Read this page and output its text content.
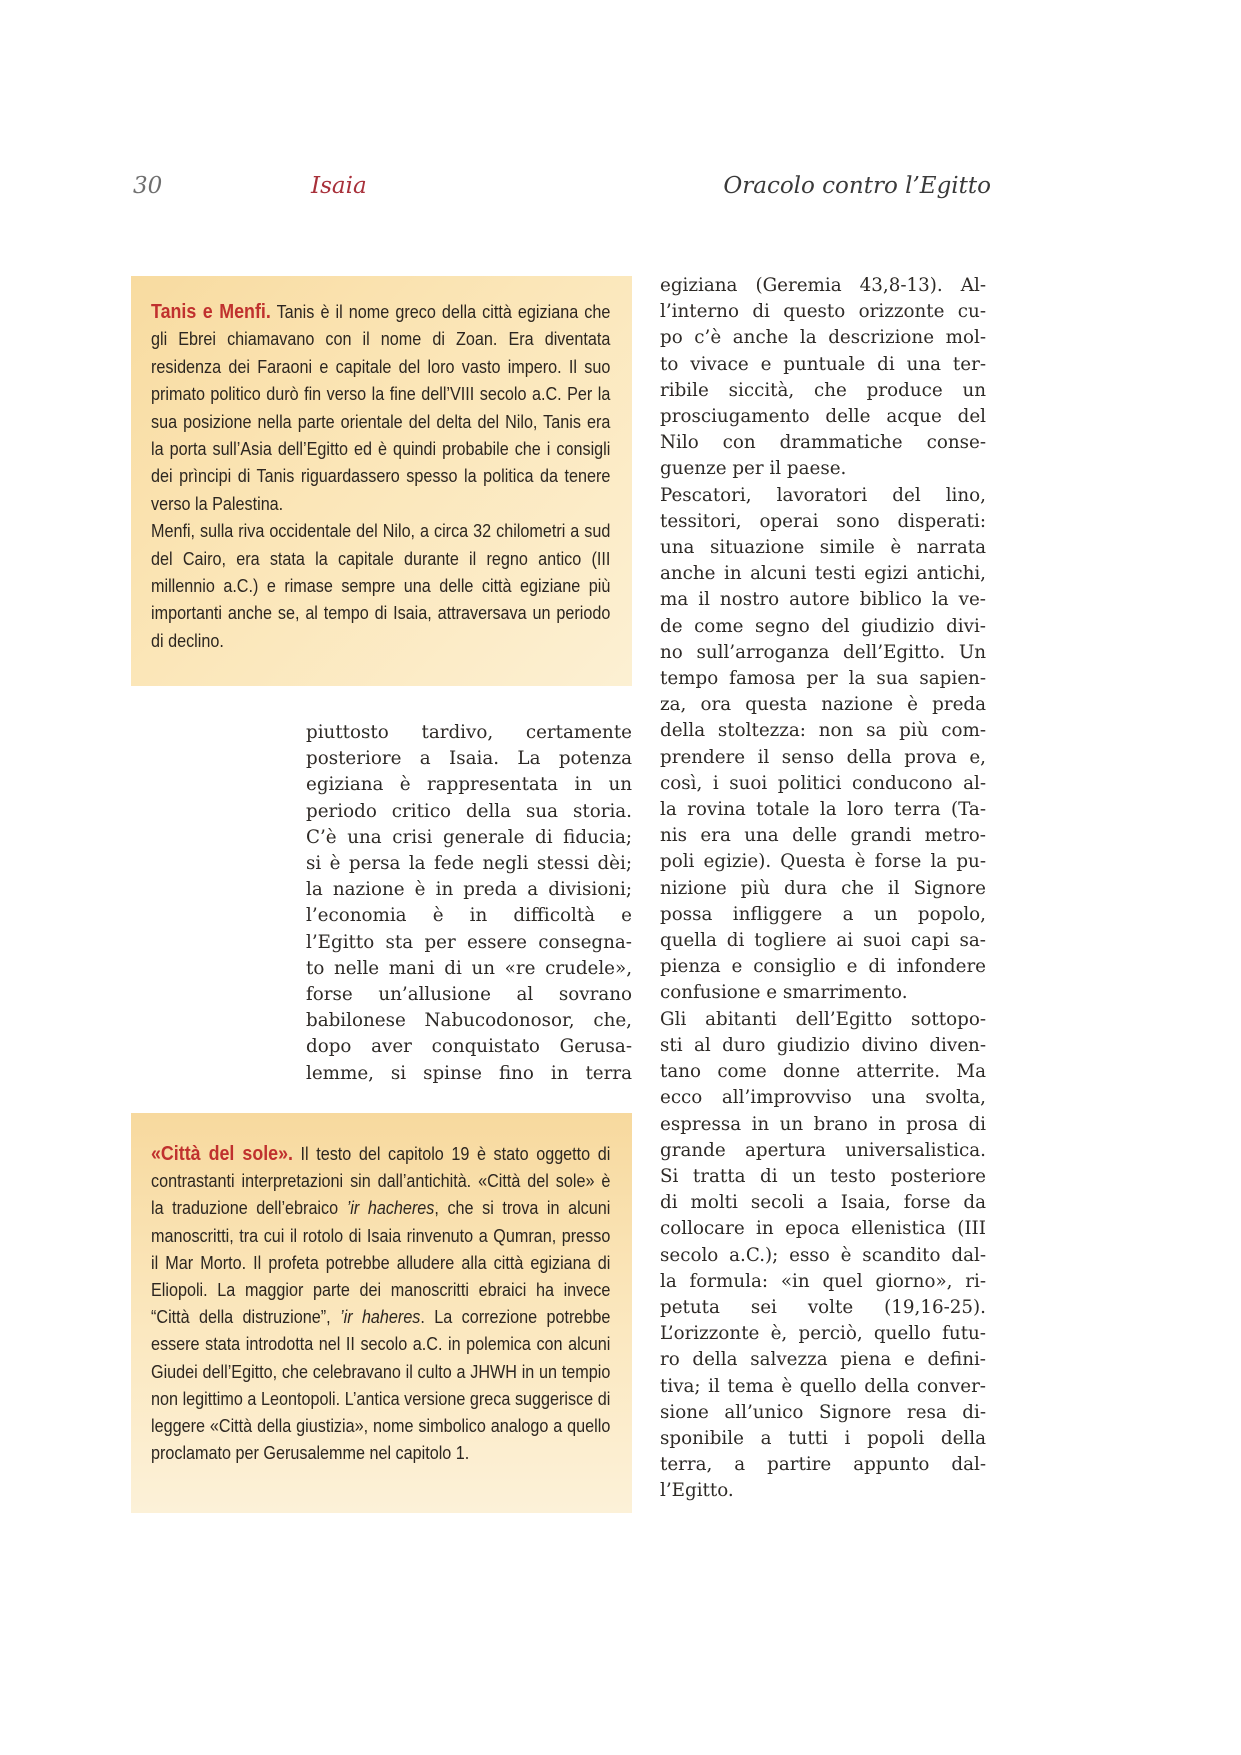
30	Isaia	Oracolo contro l’Egitto

Tanis e Menfi. Tanis è il nome greco della città egiziana che gli Ebrei chiamavano con il nome di Zoan. Era diventata residenza dei Faraoni e capitale del loro vasto impero. Il suo primato politico durò fin verso la fine dell’VIII secolo a.C. Per la sua posizione nella parte orientale del delta del Nilo, Tanis era la porta sull’Asia dell’Egitto ed è quindi probabile che i consigli dei prìncipi di Tanis riguardassero spesso la politica da tenere verso la Palestina.

Menfi, sulla riva occidentale del Nilo, a circa 32 chilometri a sud del Cairo, era stata la capitale durante il regno antico (III millennio a.C.) e rimase sempre una delle città egiziane più importanti anche se, al tempo di Isaia, attraversava un periodo di declino.

piuttosto tardivo, certamente
posteriore a Isaia. La potenza
egiziana è rappresentata in un
periodo critico della sua storia.
C’è una crisi generale di fiducia;
si è persa la fede negli stessi dèi;
la nazione è in preda a divisioni;
l’economia è in difficoltà e
l’Egitto sta per essere consegna-
to nelle mani di un «re crudele»,
forse un’allusione al sovrano
babilonese Nabucodonosor, che,
dopo aver conquistato Gerusa-
lemme, si spinse fino in terra

egiziana (Geremia 43,8-13). Al-
l’interno di questo orizzonte cu-
po c’è anche la descrizione mol-
to vivace e puntuale di una ter-
ribile siccità, che produce un
prosciugamento delle acque del
Nilo con drammatiche conse-
guenze per il paese.

Pescatori, lavoratori del lino,
tessitori, operai sono disperati:
una situazione simile è narrata
anche in alcuni testi egizi antichi,
ma il nostro autore biblico la ve-
de come segno del giudizio divi-
no sull’arroganza dell’Egitto. Un
tempo famosa per la sua sapien-
za, ora questa nazione è preda
della stoltezza: non sa più com-
prendere il senso della prova e,
così, i suoi politici conducono al-
la rovina totale la loro terra (Ta-
nis era una delle grandi metro-
poli egizie). Questa è forse la pu-
nizione più dura che il Signore
possa infliggere a un popolo,
quella di togliere ai suoi capi sa-
pienza e consiglio e di infondere
confusione e smarrimento.

Gli abitanti dell’Egitto sottopo-
sti al duro giudizio divino diven-
tano come donne atterrite. Ma
ecco all’improvviso una svolta,
espressa in un brano in prosa di
grande apertura universalistica.
Si tratta di un testo posteriore
di molti secoli a Isaia, forse da
collocare in epoca ellenistica (III
secolo a.C.); esso è scandito dal-
la formula: «in quel giorno», ri-
petuta sei volte (19,16-25).
L’orizzonte è, perciò, quello futu-
ro della salvezza piena e defini-
tiva; il tema è quello della conver-
sione all’unico Signore resa di-
sponibile a tutti i popoli della
terra, a partire appunto dal-
l’Egitto.

«Città del sole». Il testo del capitolo 19 è stato oggetto di contrastanti interpretazioni sin dall’antichità. «Città del sole» è la traduzione dell’ebraico ’ir hacheres, che si trova in alcuni manoscritti, tra cui il rotolo di Isaia rinvenuto a Qumran, presso il Mar Morto. Il profeta potrebbe alludere alla città egiziana di Eliopoli. La maggior parte dei manoscritti ebraici ha invece “Città della distruzione”, ’ir haheres. La correzione potrebbe essere stata introdotta nel II secolo a.C. in polemica con alcuni Giudei dell’Egitto, che celebravano il culto a JHWH in un tempio non legittimo a Leontopoli. L’antica versione greca suggerisce di leggere «Città della giustizia», nome simbolico analogo a quello proclamato per Gerusalemme nel capitolo 1.
